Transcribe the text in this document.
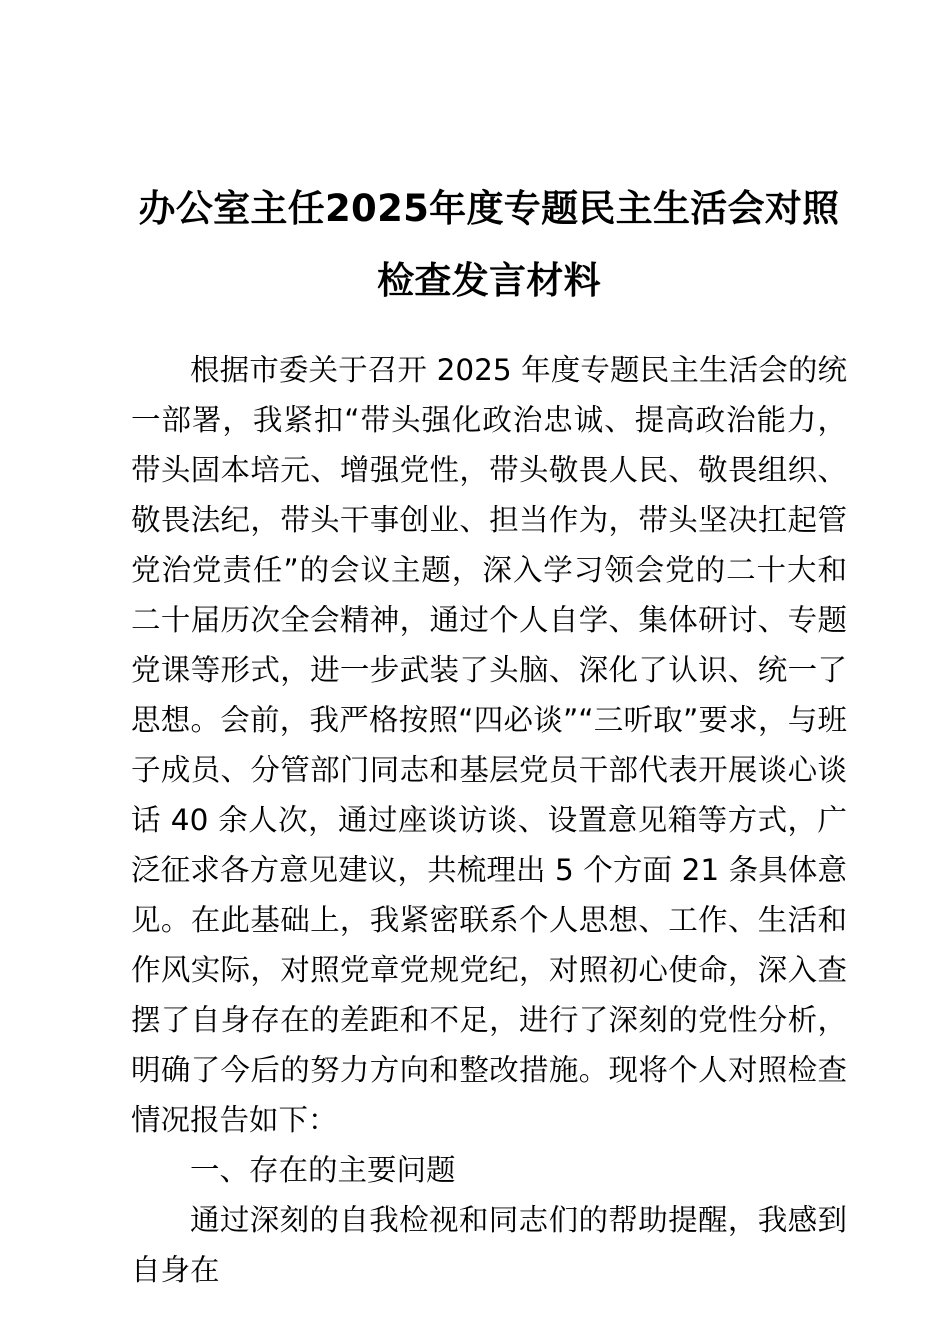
办公室主任2025年度专题民主生活会对照检查发言材料

根据市委关于召开 2025 年度专题民主生活会的统一部署，我紧扣“带头强化政治忠诚、提高政治能力，带头固本培元、增强党性，带头敬畏人民、敬畏组织、敬畏法纪，带头干事创业、担当作为，带头坚决扛起管党治党责任”的会议主题，深入学习领会党的二十大和二十届历次全会精神，通过个人自学、集体研讨、专题党课等形式，进一步武装了头脑、深化了认识、统一了思想。会前，我严格按照“四必谈”“三听取”要求，与班子成员、分管部门同志和基层党员干部代表开展谈心谈话 40 余人次，通过座谈访谈、设置意见箱等方式，广泛征求各方意见建议，共梳理出 5 个方面 21 条具体意见。在此基础上，我紧密联系个人思想、工作、生活和作风实际，对照党章党规党纪，对照初心使命，深入查摆了自身存在的差距和不足，进行了深刻的党性分析，明确了今后的努力方向和整改措施。现将个人对照检查情况报告如下：

一、存在的主要问题

通过深刻的自我检视和同志们的帮助提醒，我感到自身在
